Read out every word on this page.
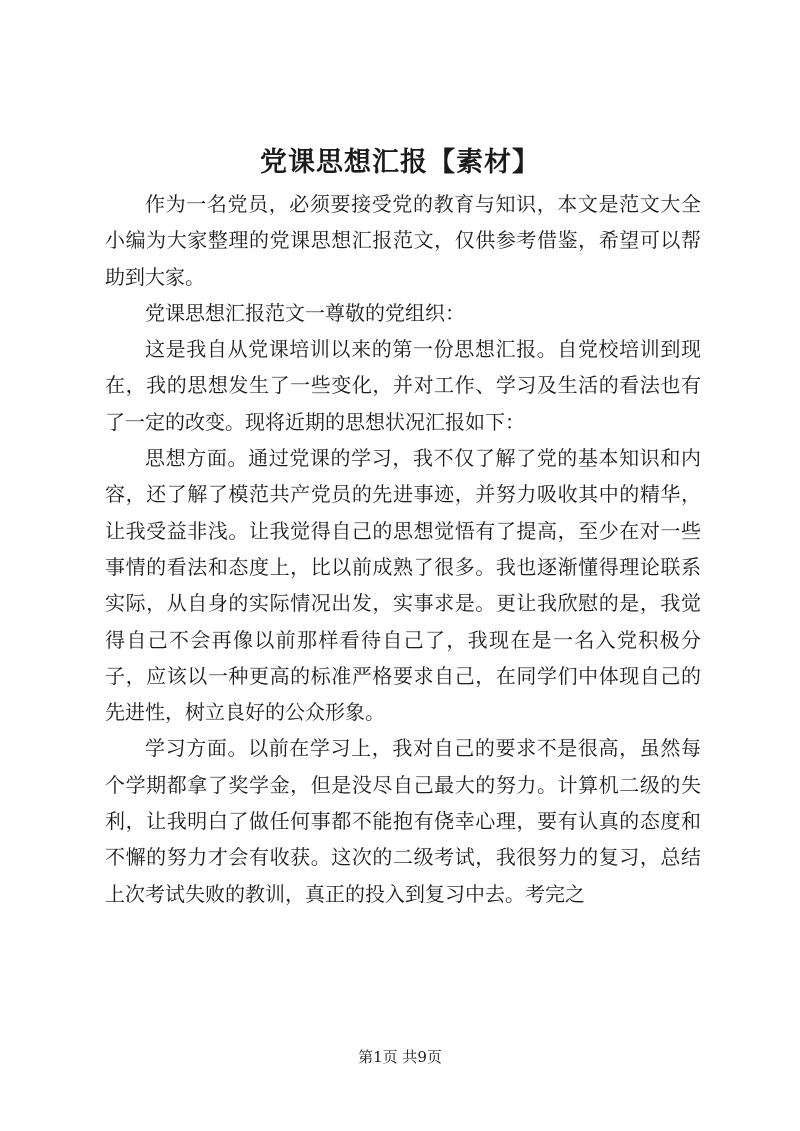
党课思想汇报【素材】

作为一名党员，必须要接受党的教育与知识，本文是范文大全小编为大家整理的党课思想汇报范文，仅供参考借鉴，希望可以帮助到大家。

党课思想汇报范文一尊敬的党组织：

这是我自从党课培训以来的第一份思想汇报。自党校培训到现在，我的思想发生了一些变化，并对工作、学习及生活的看法也有了一定的改变。现将近期的思想状况汇报如下：

思想方面。通过党课的学习，我不仅了解了党的基本知识和内容，还了解了模范共产党员的先进事迹，并努力吸收其中的精华，让我受益非浅。让我觉得自己的思想觉悟有了提高，至少在对一些事情的看法和态度上，比以前成熟了很多。我也逐渐懂得理论联系实际，从自身的实际情况出发，实事求是。更让我欣慰的是，我觉得自己不会再像以前那样看待自己了，我现在是一名入党积极分子，应该以一种更高的标准严格要求自己，在同学们中体现自己的先进性，树立良好的公众形象。

学习方面。以前在学习上，我对自己的要求不是很高，虽然每个学期都拿了奖学金，但是没尽自己最大的努力。计算机二级的失利，让我明白了做任何事都不能抱有侥幸心理，要有认真的态度和不懈的努力才会有收获。这次的二级考试，我很努力的复习，总结上次考试失败的教训，真正的投入到复习中去。考完之

第1页 共9页
